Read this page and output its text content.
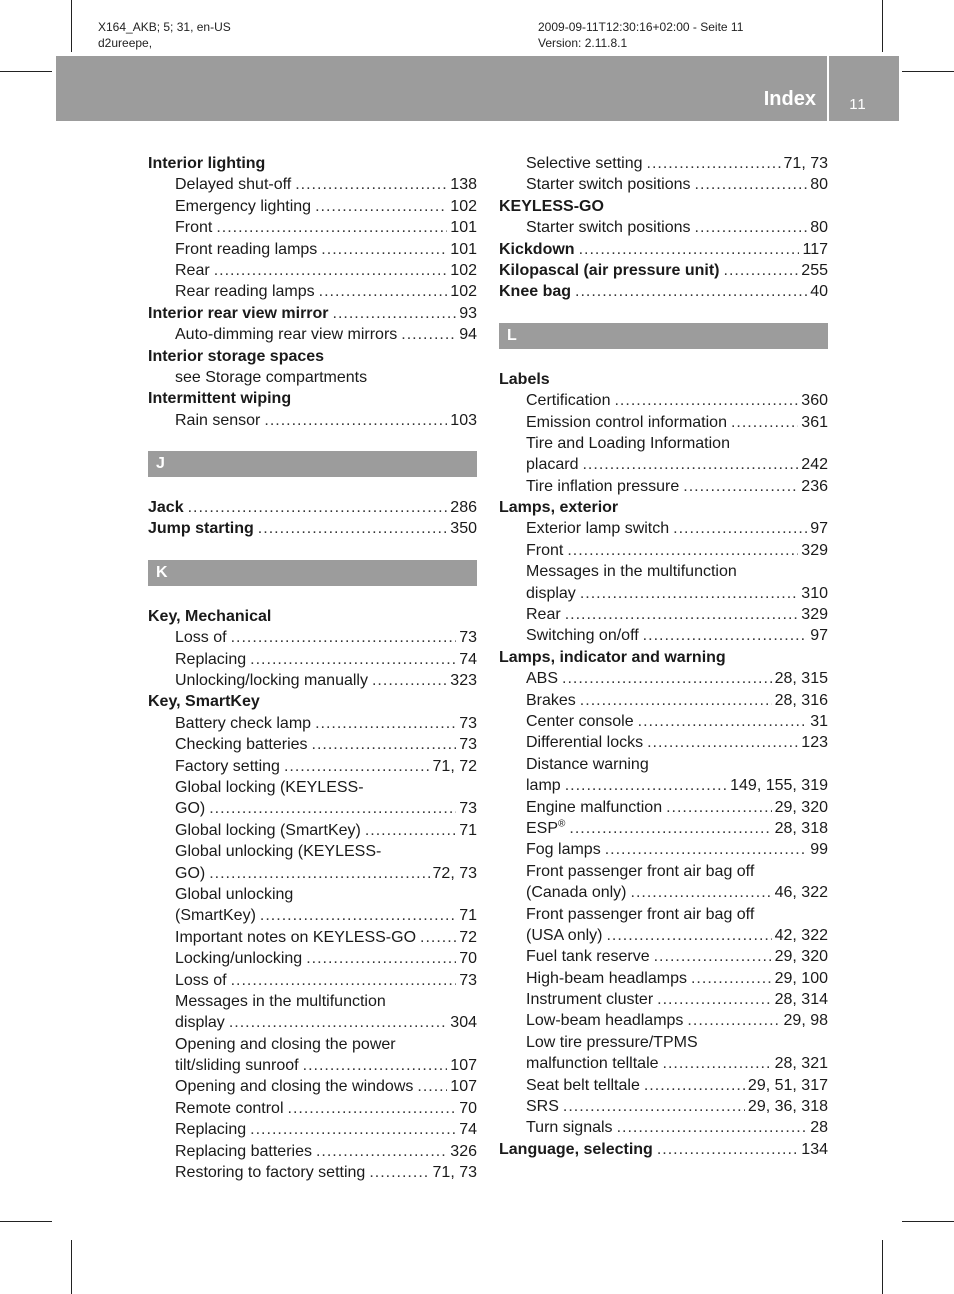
X164_AKB; 5; 31, en-US
d2ureepe,
2009-09-11T12:30:16+02:00 - Seite 11
Version: 2.11.8.1
Index	11
Interior lighting
Delayed shut-off .....	138
Emergency lighting .....	102
Front .....	101
Front reading lamps .....	101
Rear .....	102
Rear reading lamps .....	102
Interior rear view mirror .....	93
Auto-dimming rear view mirrors .....	94
Interior storage spaces
see Storage compartments
Intermittent wiping
Rain sensor .....	103
J
Jack .....	286
Jump starting .....	350
K
Key, Mechanical
Loss of .....	73
Replacing .....	74
Unlocking/locking manually .....	323
Key, SmartKey
Battery check lamp .....	73
Checking batteries .....	73
Factory setting .....	71, 72
Global locking (KEYLESS-
GO) .....	73
Global locking (SmartKey) .....	71
Global unlocking (KEYLESS-
GO) .....	72, 73
Global unlocking
(SmartKey) .....	71
Important notes on KEYLESS-GO .....	72
Locking/unlocking .....	70
Loss of .....	73
Messages in the multifunction
display .....	304
Opening and closing the power
tilt/sliding sunroof .....	107
Opening and closing the windows ..... 107
Remote control .....	70
Replacing .....	74
Replacing batteries .....	326
Restoring to factory setting .....	71, 73
Selective setting .....	71, 73
Starter switch positions .....	80
KEYLESS-GO
Starter switch positions .....	80
Kickdown .....	117
Kilopascal (air pressure unit) .....	255
Knee bag .....	40
L
Labels
Certification .....	360
Emission control information .....	361
Tire and Loading Information
placard .....	242
Tire inflation pressure .....	236
Lamps, exterior
Exterior lamp switch .....	97
Front .....	329
Messages in the multifunction
display .....	310
Rear .....	329
Switching on/off .....	97
Lamps, indicator and warning
ABS .....	28, 315
Brakes .....	28, 316
Center console .....	31
Differential locks .....	123
Distance warning
lamp .....	149, 155, 319
Engine malfunction .....	29, 320
ESP® .....	28, 318
Fog lamps .....	99
Front passenger front air bag off
(Canada only) .....	46, 322
Front passenger front air bag off
(USA only) .....	42, 322
Fuel tank reserve .....	29, 320
High-beam headlamps .....	29, 100
Instrument cluster .....	28, 314
Low-beam headlamps .....	29, 98
Low tire pressure/TPMS
malfunction telltale .....	28, 321
Seat belt telltale .....	29, 51, 317
SRS .....	29, 36, 318
Turn signals .....	28
Language, selecting .....	134
